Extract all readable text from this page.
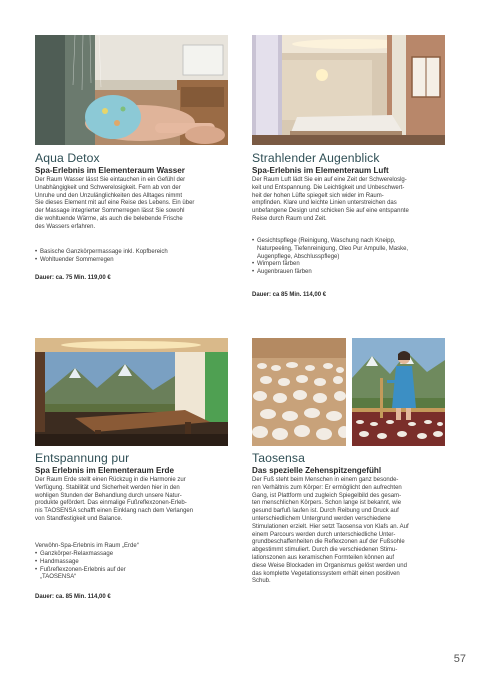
Aqua Detox
Spa-Erlebnis im Elementeraum Wasser

Der Raum Wasser lässt Sie eintauchen in ein Gefühl der

Unabhängigkeit und Schwerelosigkeit. Fern ab von der

Unruhe und den Unzulänglichkeiten des Alltages nimmt

Sie dieses Element mit auf eine Reise des Lebens. Ein über

der Massage integrierter Sommerregen lässt Sie sowohl

die wohltuende Wärme, als auch die belebende Frische

des Wassers erfahren.

• Basische Ganzkörpermassage inkl. Kopfbereich
• Wohltuender Sommerregen
Dauer: ca. 75 Min. 119,00 €
Strahlender Augenblick
Spa-Erlebnis im Elementeraum Luft

Der Raum Luft lädt Sie ein auf eine Zeit der Schwereloslg-

keit und Entspannung. Die Leichtigkeit und Unbeschwert-

heit der hohen Lüfte spiegelt sich wider im Raum-

empfinden. Klare und leichte Linien unterstreichen das

unbefangene Design und schicken Sie auf eine entspannte

Reise durch Raum und Zeit.

• Gesichtspflege (Reinigung, Waschung nach Kneipp,
Naturpeeling, Tiefenreinigung, Oleo Pur Ampulle, Maske,
Augenpflege, Abschlusspflege)
• Wimpern färben
• Augenbrauen färben
Dauer: ca 85 Min. 114,00 €
Entspannung pur
Spa Erlebnis im Elementeraum Erde

Der Raum Erde stellt einen Rückzug in die Harmonie zur

Verfügung. Stabilität und Sicherheit werden hier in den

wohligen Stunden der Behandlung durch unsere Natur-

produkte gefördert. Das einmalige Fußreflexzonen-Erleb-

nis TAOSENSA schafft einen Einklang nach dem Verlangen

von Standfestigkeit und Balance.

Verwöhn-Spa-Erlebnis im Raum „Erde“
• Ganzkörper-Relaxmassage
• Handmassage
• Fußreflexzonen-Erlebnis auf der
„TAOSENSA“
Dauer: ca. 85 Min. 114,00 €
Taosensa
Das spezielle Zehenspitzengefühl

Der Fuß steht beim Menschen in einem ganz besonde-

ren Verhältnis zum Körper: Er ermöglicht den aufrechten

Gang, ist Plattform und zugleich Spiegelbild des gesam-

ten menschlichen Körpers. Schon lange ist bekannt, wie

gesund barfuß laufen ist. Durch Reibung und Druck auf

unterschiedlichem Untergrund werden verschiedene

Stimulationen erzielt. Hier setzt Taosensa von Klafs an. Auf

einem Parcours werden durch unterschiedliche Unter-

grundbeschaffenheiten die Reflexzonen auf der Fußsohle

abgestimmt stimuliert. Durch die verschiedenen Stimu-

lationszonen aus keramischen Formteilen können auf

diese Weise Blockaden im Organismus gelöst werden und

das komplette Vegetationssystem erhält einen positiven

Schub.

57
